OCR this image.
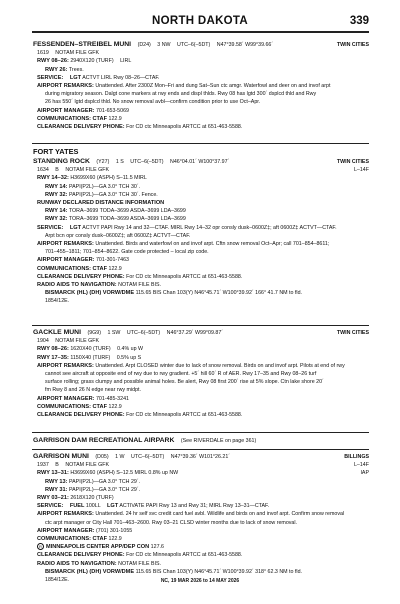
NORTH DAKOTA	339
TWIN CITIES
FESSENDEN–STREIBEL MUNI (D24) 3 NW UTC–6(–5DT) N47°39.58´ W99°39.66´
1619 NOTAM FILE GFK
RWY 08–26: 2940X120 (TURF) LIRL
RWY 26: Trees.
SERVICE: LGT ACTVT LIRL Rwy 08–26—CTAF.
AIRPORT REMARKS: Unattended. After 2300Z Mon–Fri and dung Sat–Sun ctc amgr. Waterfowl and deer on and invof arpt
during migratory season. Dalgt cone markers at rwy ends and displ thlds. Rwy 08 has lgtd 300´ dsplcd thld and Rwy
26 has 550´ lgtd dsplcd thld. No snow removal avbl—confirm condition prior to use Oct–Apr.
AIRPORT MANAGER: 701-653-5069
COMMUNICATIONS: CTAF 122.9
CLEARANCE DELIVERY PHONE: For CD ctc Minneapolis ARTCC at 651-463-5588.
FORT YATES
TWIN CITIES
L–14F
STANDING ROCK (Y27) 1 S UTC–6(–5DT) N46°04.01´ W100°37.97´
1634 B NOTAM FILE GFK
RWY 14–32: H3699X60 (ASPH) S–11.5 MIRL
RWY 14: PAPI(P2L)—GA 3.0° TCH 30´.
RWY 32: PAPI(P2L)—GA 3.0° TCH 30´. Fence.
RUNWAY DECLARED DISTANCE INFORMATION
RWY 14: TORA–3699 TODA–3699 ASDA–3699 LDA–3699
RWY 32: TORA–3699 TODA–3699 ASDA–3699 LDA–3699
SERVICE: LGT ACTVT PAPI Rwy 14 and 32—CTAF. MIRL Rwy 14–32 opr consly dusk–0600Z‡; aft 0600Z‡ ACTVT—CTAF.
Arpt bcn opr consly dusk–0600Z‡; aft 0600Z‡ ACTVT—CTAF.
AIRPORT REMARKS: Unattended. Birds and waterfowl on and invof arpt. Cftn snow removal Oct–Apr; call 701–854–8611;
701–455–1811; 701–854–8622. Gate code protected – local zip code.
AIRPORT MANAGER: 701-301-7463
COMMUNICATIONS: CTAF 122.9
CLEARANCE DELIVERY PHONE: For CD ctc Minneapolis ARTCC at 651-463-5588.
RADIO AIDS TO NAVIGATION: NOTAM FILE BIS.
BISMARCK (HL) (DH) VORW/DME 115.65 BIS Chan 103(Y) N46°45.71´ W100°39.92´ 166° 41.7 NM to fld.
1854/12E.
TWIN CITIES
GACKLE MUNI (9G9) 1 SW UTC–6(–5DT) N46°37.29´ W99°09.87´
1904 NOTAM FILE GFK
RWY 08–26: 1620X40 (TURF) 0.4% up W
RWY 17–35: 1150X40 (TURF) 0.5% up S
AIRPORT REMARKS: Unattended. Arpt CLOSED winter due to lack of snow removal. Birds on and invof arpt. Pilots at end of rwy
cannot see aircraft at opposite end of rwy due to rwy gradient. +5´ hill 60´ R of AER. Rwy 17–35 and Rwy 08–26 turf
surface rolling; grass clumpy and possible animal holes. Be alert, Rwy 08 first 200´ rise at 5% slope. Ctn lake shore 20´
fm Rwy 8 and 26 N edge near rwy midpt.
AIRPORT MANAGER: 701-485-3241
COMMUNICATIONS: CTAF 122.9
CLEARANCE DELIVERY PHONE: For CD ctc Minneapolis ARTCC at 651-463-5588.
GARRISON DAM RECREATIONAL AIRPARK (See RIVERDALE on page 361)
BILLINGS
L–14F
IAP
GARRISON MUNI (D05) 1 W UTC–6(–5DT) N47°39.36´ W101°26.21´
1937 B NOTAM FILE GFK
RWY 13–31: H3699X60 (ASPH) S–12.5 MIRL 0.8% up NW
RWY 13: PAPI(P2L)—GA 3.0° TCH 29´.
RWY 31: PAPI(P2L)—GA 3.0° TCH 29´.
RWY 03–21: 2618X120 (TURF)
SERVICE: FUEL 100LL LGT ACTIVATE PAPI Rwy 13 and Rwy 31; MIRL Rwy 13–31—CTAF.
AIRPORT REMARKS: Unattended. 24 hr self svc credit card fuel avbl. Wildlife and birds on and invof arpt. Confirm snow removal
ctc arpt manager or City Hall 701–463–2600. Rwy 03–21 CLSD winter months due to lack of snow removal.
AIRPORT MANAGER: (701) 301-1055
COMMUNICATIONS: CTAF 122.9
R MINNEAPOLIS CENTER APP/DEP CON 127.6
CLEARANCE DELIVERY PHONE: For CD ctc Minneapolis ARTCC at 651-463-5588.
RADIO AIDS TO NAVIGATION: NOTAM FILE BIS.
BISMARCK (HL) (DH) VORW/DME 115.65 BIS Chan 103(Y) N46°45.71´ W100°39.92´ 318° 62.3 NM to fld.
1854/12E.	NC, 19 MAR 2026 to 14 MAY 2026
